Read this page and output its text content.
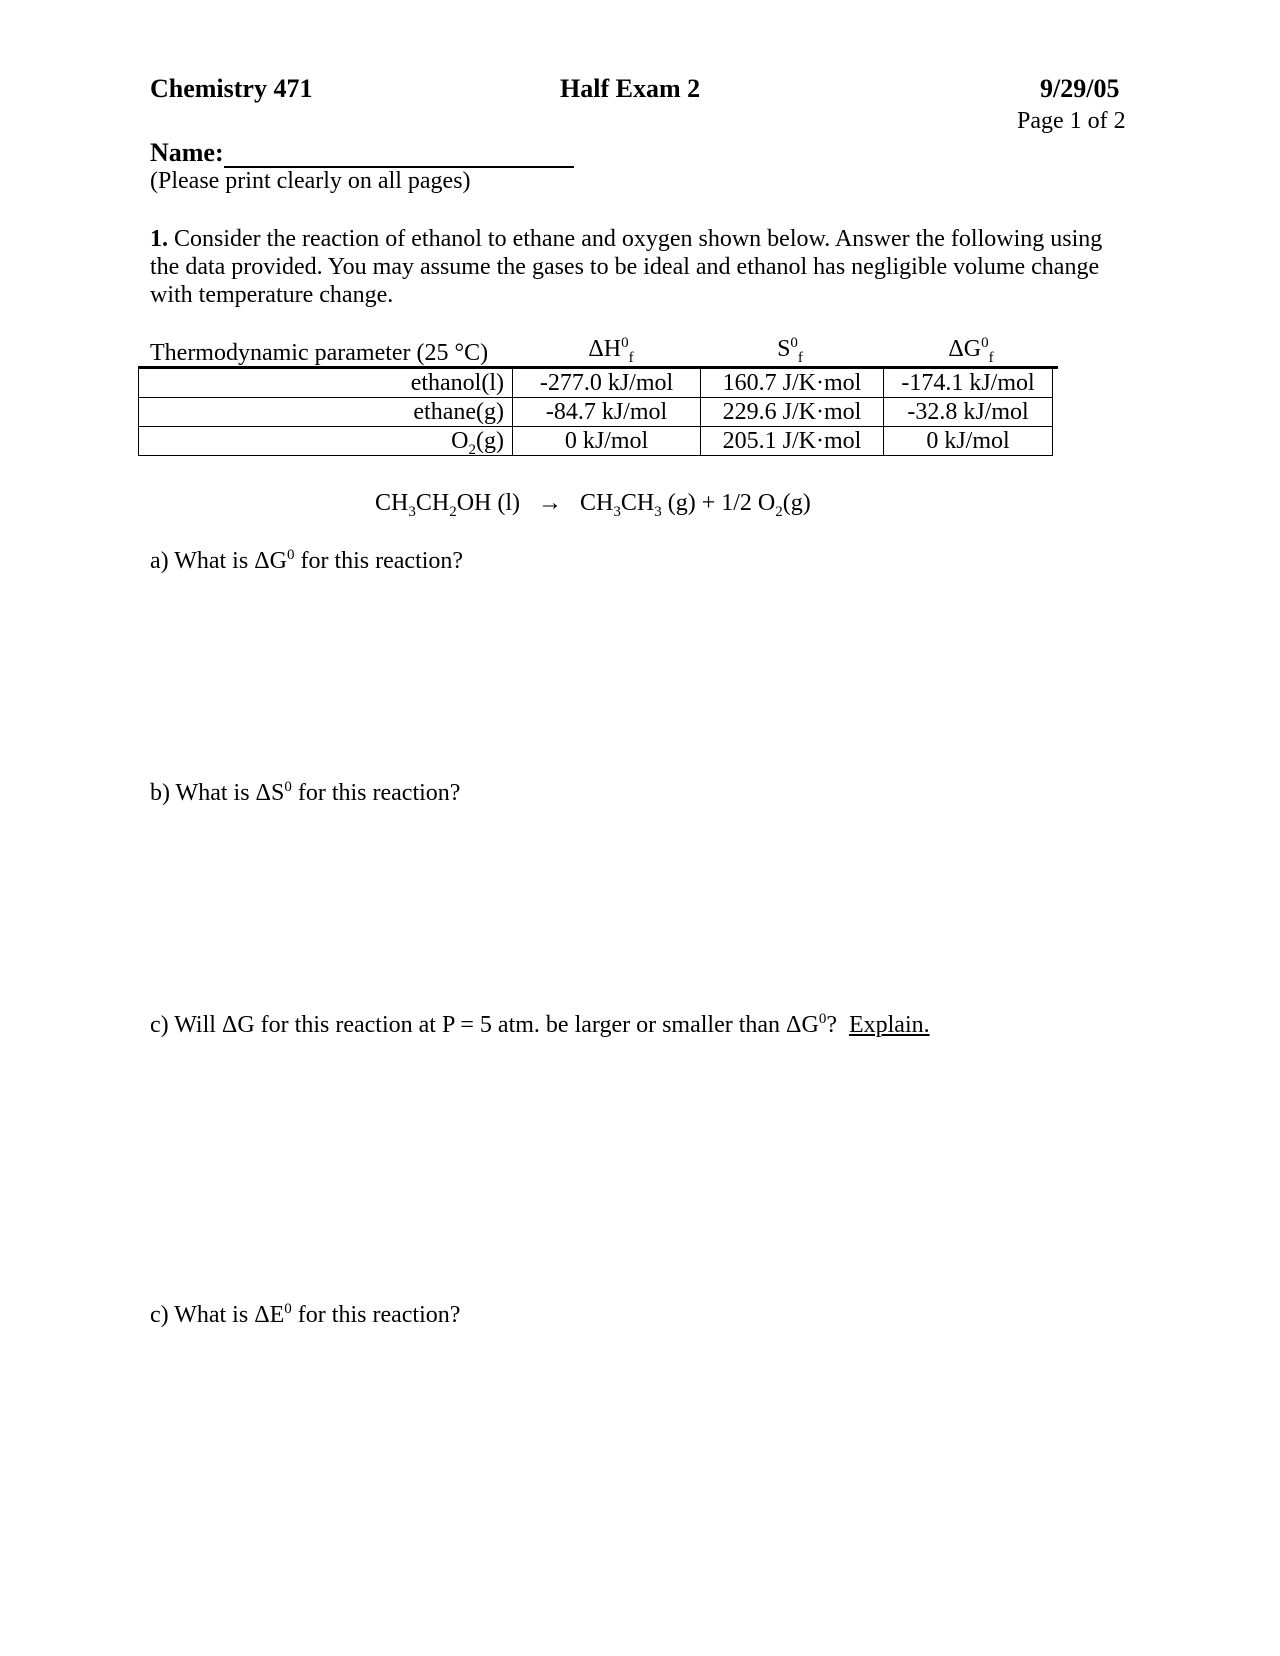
Chemistry 471	Half Exam 2	9/29/05
Page 1 of 2
Name:
(Please print clearly on all pages)
1. Consider the reaction of ethanol to ethane and oxygen shown below. Answer the following using the data provided. You may assume the gases to be ideal and ethanol has negligible volume change with temperature change.
Thermodynamic parameter (25 °C)	$\Delta H^0_f$	$S^0_f$	$\Delta G^0_f$
ethanol(l)	-277.0 kJ/mol	160.7 J/K·mol	-174.1 kJ/mol
ethane(g)	-84.7 kJ/mol	229.6 J/K·mol	-32.8 kJ/mol
$O_2(g)$	0 kJ/mol	205.1 J/K·mol	0 kJ/mol
$CH_3CH_2OH$ $(l) \to CH_3CH_3$ (g) + 1/2 $O_2(g)$
a) What is $\Delta G^0$ for this reaction?
b) What is $\Delta S^0$ for this reaction?
c) Will ΔG for this reaction at P = 5 atm. be larger or smaller than $\Delta G^0$?  Explain.
c) What is $\Delta E^0$ for this reaction?
